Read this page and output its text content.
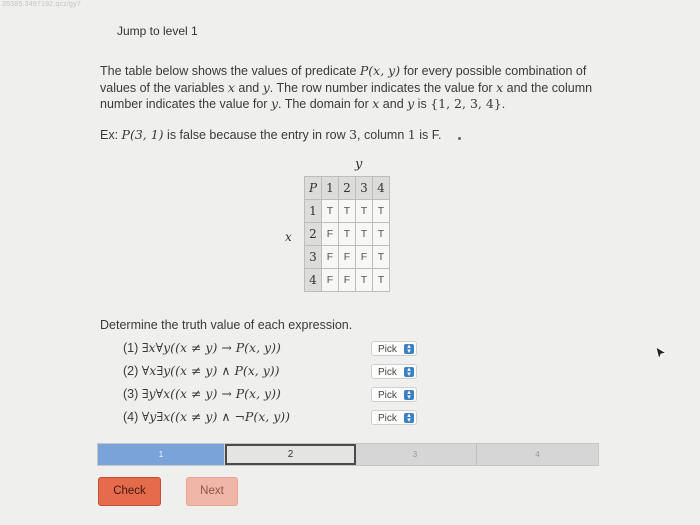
35385.3497192.qcz/gy7
Jump to level 1
The table below shows the values of predicate P(x, y) for every possible combination of values of the variables x and y. The row number indicates the value for x and the column number indicates the value for y. The domain for x and y is {1, 2, 3, 4}.
Ex: P(3, 1) is false because the entry in row 3, column 1 is F.
y
x
P	1	2	3	4
1	T	T	T	T
2	F	T	T	T
3	F	F	F	T
4	F	F	T	T
Determine the truth value of each expression.
(1) ∃x∀y((x ≠ y) → P(x, y))	Pick	▴
▾
(2) ∀x∃y((x ≠ y) ∧ P(x, y))	Pick	▴
▾
(3) ∃y∀x((x ≠ y) → P(x, y))	Pick	▴
▾
(4) ∀y∃x((x ≠ y) ∧ ¬P(x, y))	Pick	▴
▾
1	2	3	4
Check	Next
